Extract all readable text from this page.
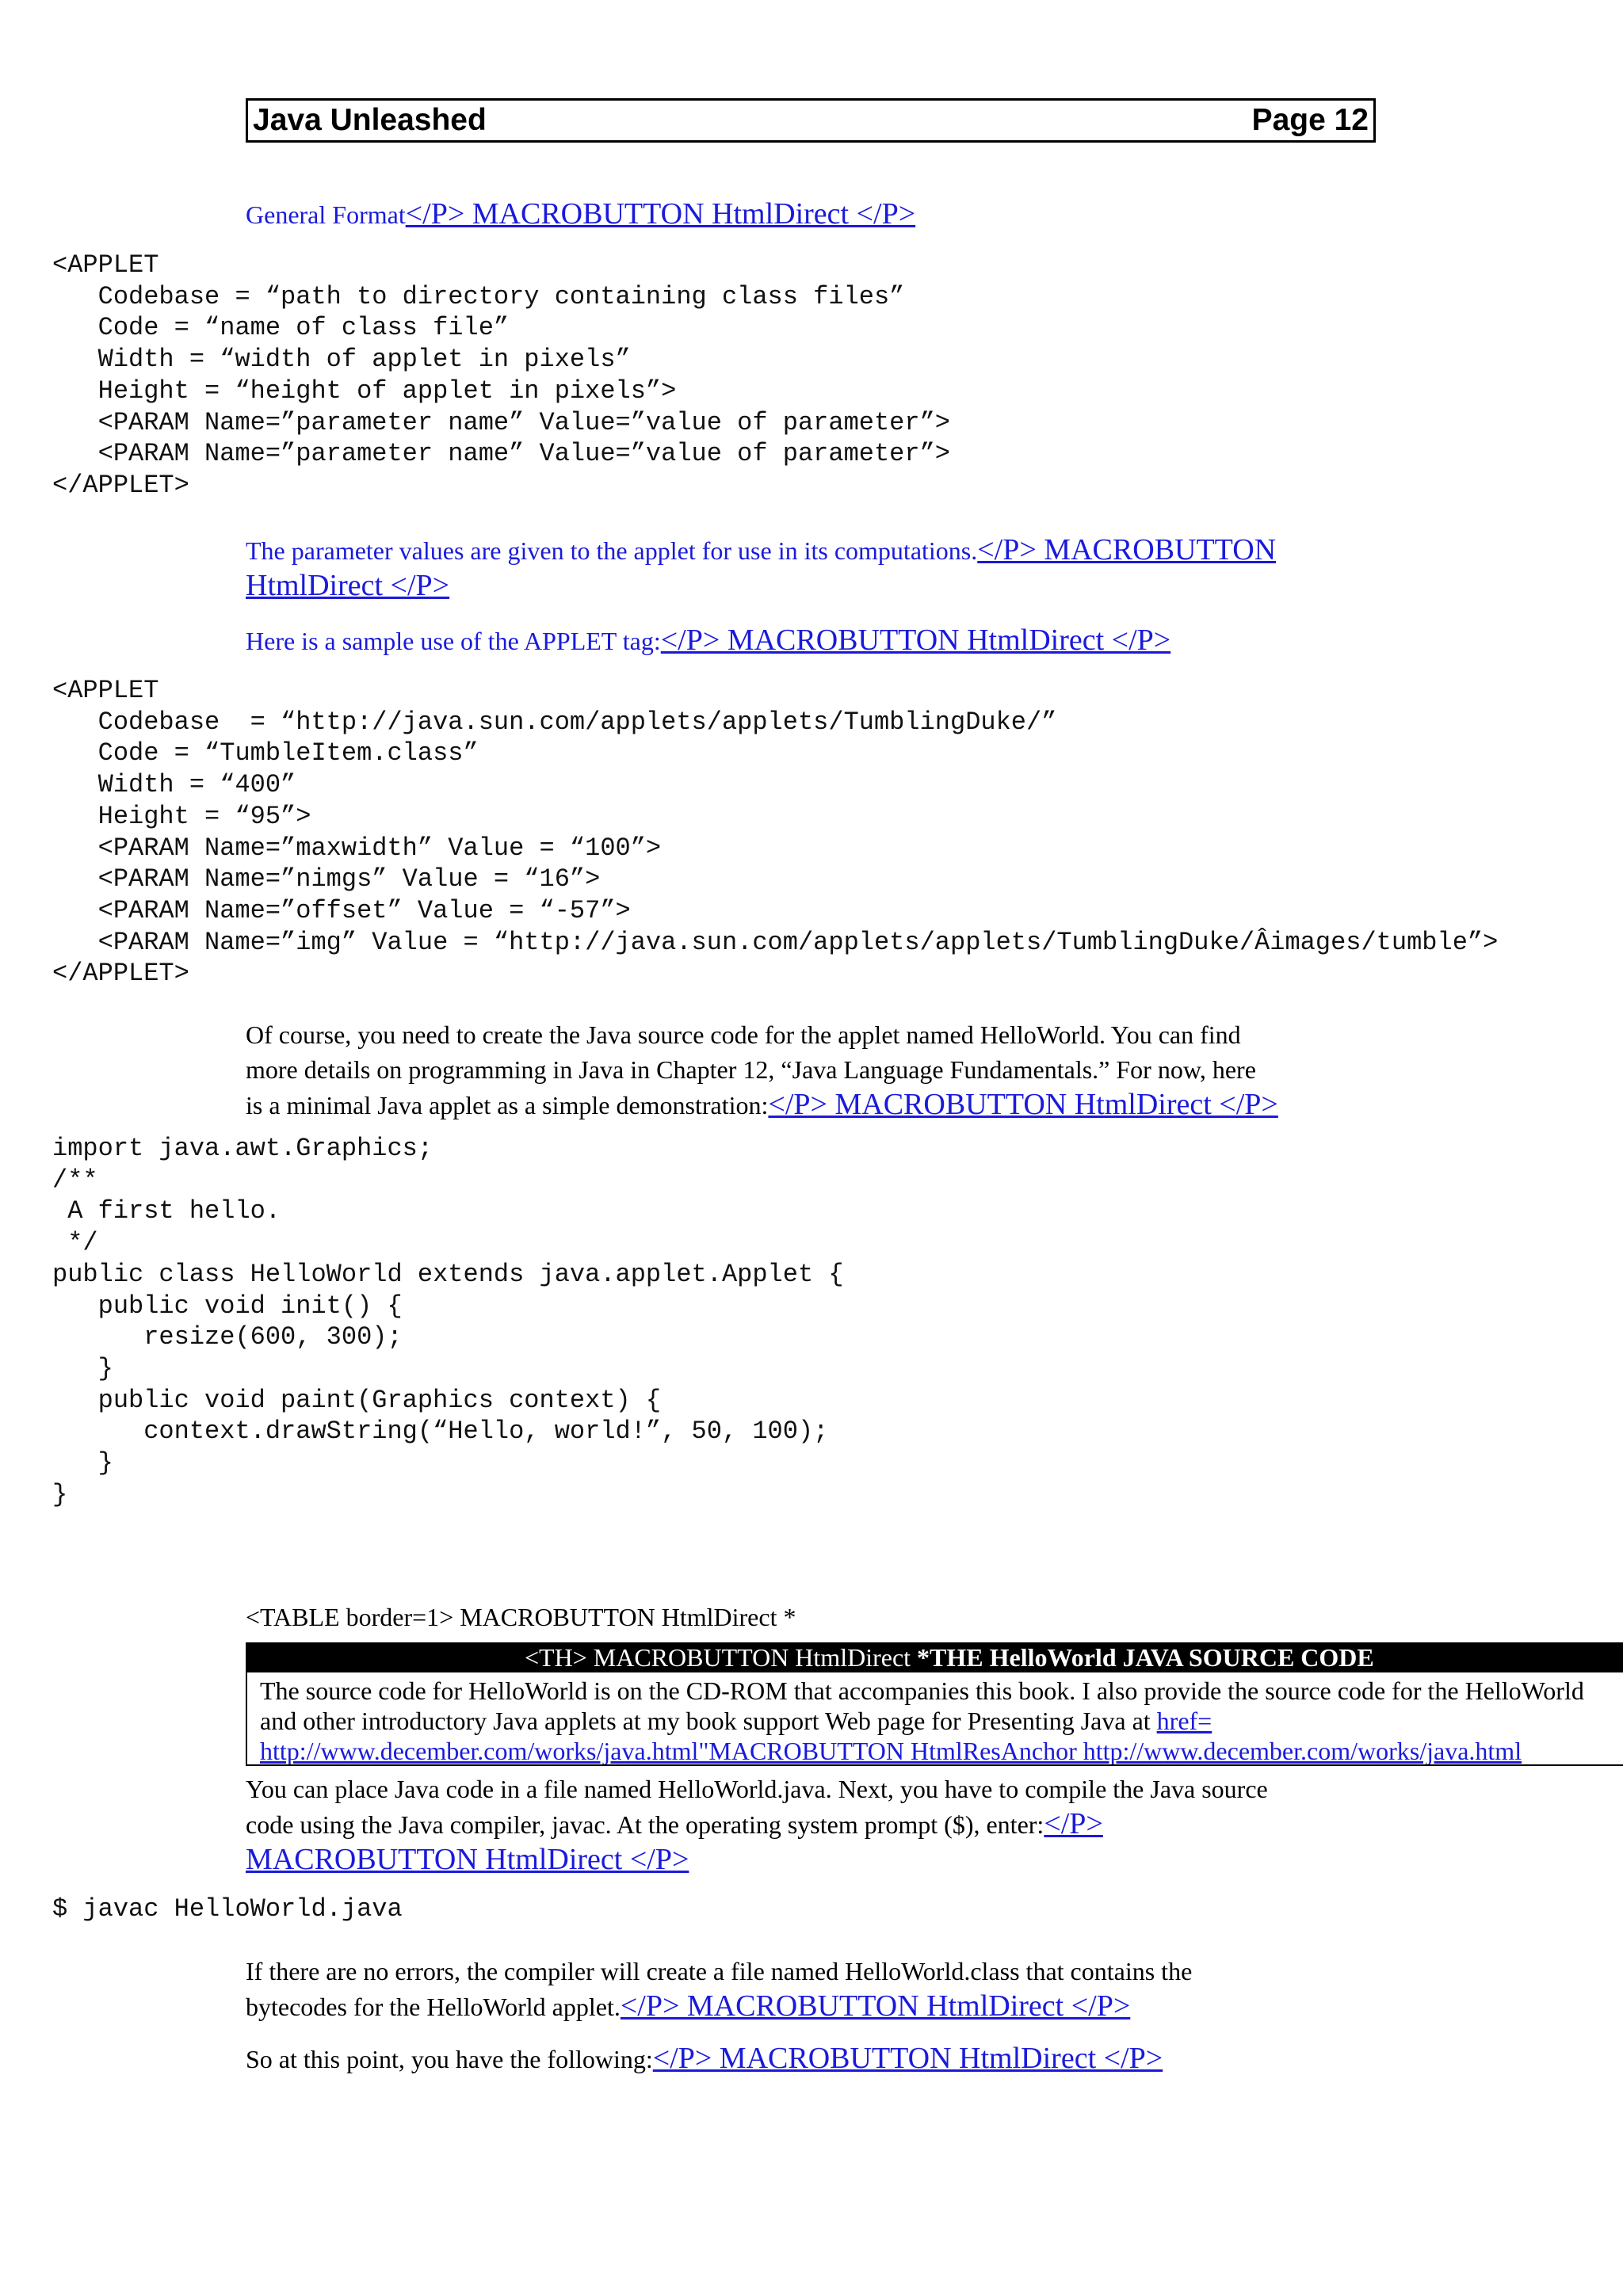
Java Unleashed	Page 12
General Format</P> MACROBUTTON HtmlDirect </P>
<APPLET
Codebase = “path to directory containing class files”
Code = “name of class file”
Width = “width of applet in pixels”
Height = “height of applet in pixels”>
<PARAM Name=”parameter name” Value=”value of parameter”>
<PARAM Name=”parameter name” Value=”value of parameter”>
</APPLET>
The parameter values are given to the applet for use in its computations.</P> MACROBUTTON
HtmlDirect </P>
Here is a sample use of the APPLET tag:</P> MACROBUTTON HtmlDirect </P>
<APPLET
Codebase  = “http://java.sun.com/applets/applets/TumblingDuke/”
Code = “TumbleItem.class”
Width = “400”
Height = “95”>
<PARAM Name=”maxwidth” Value = “100”>
<PARAM Name=”nimgs” Value = “16”>
<PARAM Name=”offset” Value = “-57”>
<PARAM Name=”img” Value = “http://java.sun.com/applets/applets/TumblingDuke/Âimages/tumble”>
</APPLET>
Of course, you need to create the Java source code for the applet named HelloWorld. You can find
more details on programming in Java in Chapter 12, “Java Language Fundamentals.” For now, here
is a minimal Java applet as a simple demonstration:</P> MACROBUTTON HtmlDirect </P>
import java.awt.Graphics;
/**
A first hello.
*/
public class HelloWorld extends java.applet.Applet {
public void init() {
resize(600, 300);
}
public void paint(Graphics context) {
context.drawString(“Hello, world!”, 50, 100);
}
}
<TABLE border=1> MACROBUTTON HtmlDirect *
<TH> MACROBUTTON HtmlDirect *THE HelloWorld JAVA SOURCE CODE
The source code for HelloWorld is on the CD-ROM that accompanies this book. I also provide the source code for the HelloWorld
and other introductory Java applets at my book support Web page for Presenting Java at href=
http://www.december.com/works/java.html"MACROBUTTON HtmlResAnchor http://www.december.com/works/java.html
You can place Java code in a file named HelloWorld.java. Next, you have to compile the Java source
code using the Java compiler, javac. At the operating system prompt ($), enter:</P>
MACROBUTTON HtmlDirect </P>
$ javac HelloWorld.java
If there are no errors, the compiler will create a file named HelloWorld.class that contains the
bytecodes for the HelloWorld applet.</P> MACROBUTTON HtmlDirect </P>
So at this point, you have the following:</P> MACROBUTTON HtmlDirect </P>
